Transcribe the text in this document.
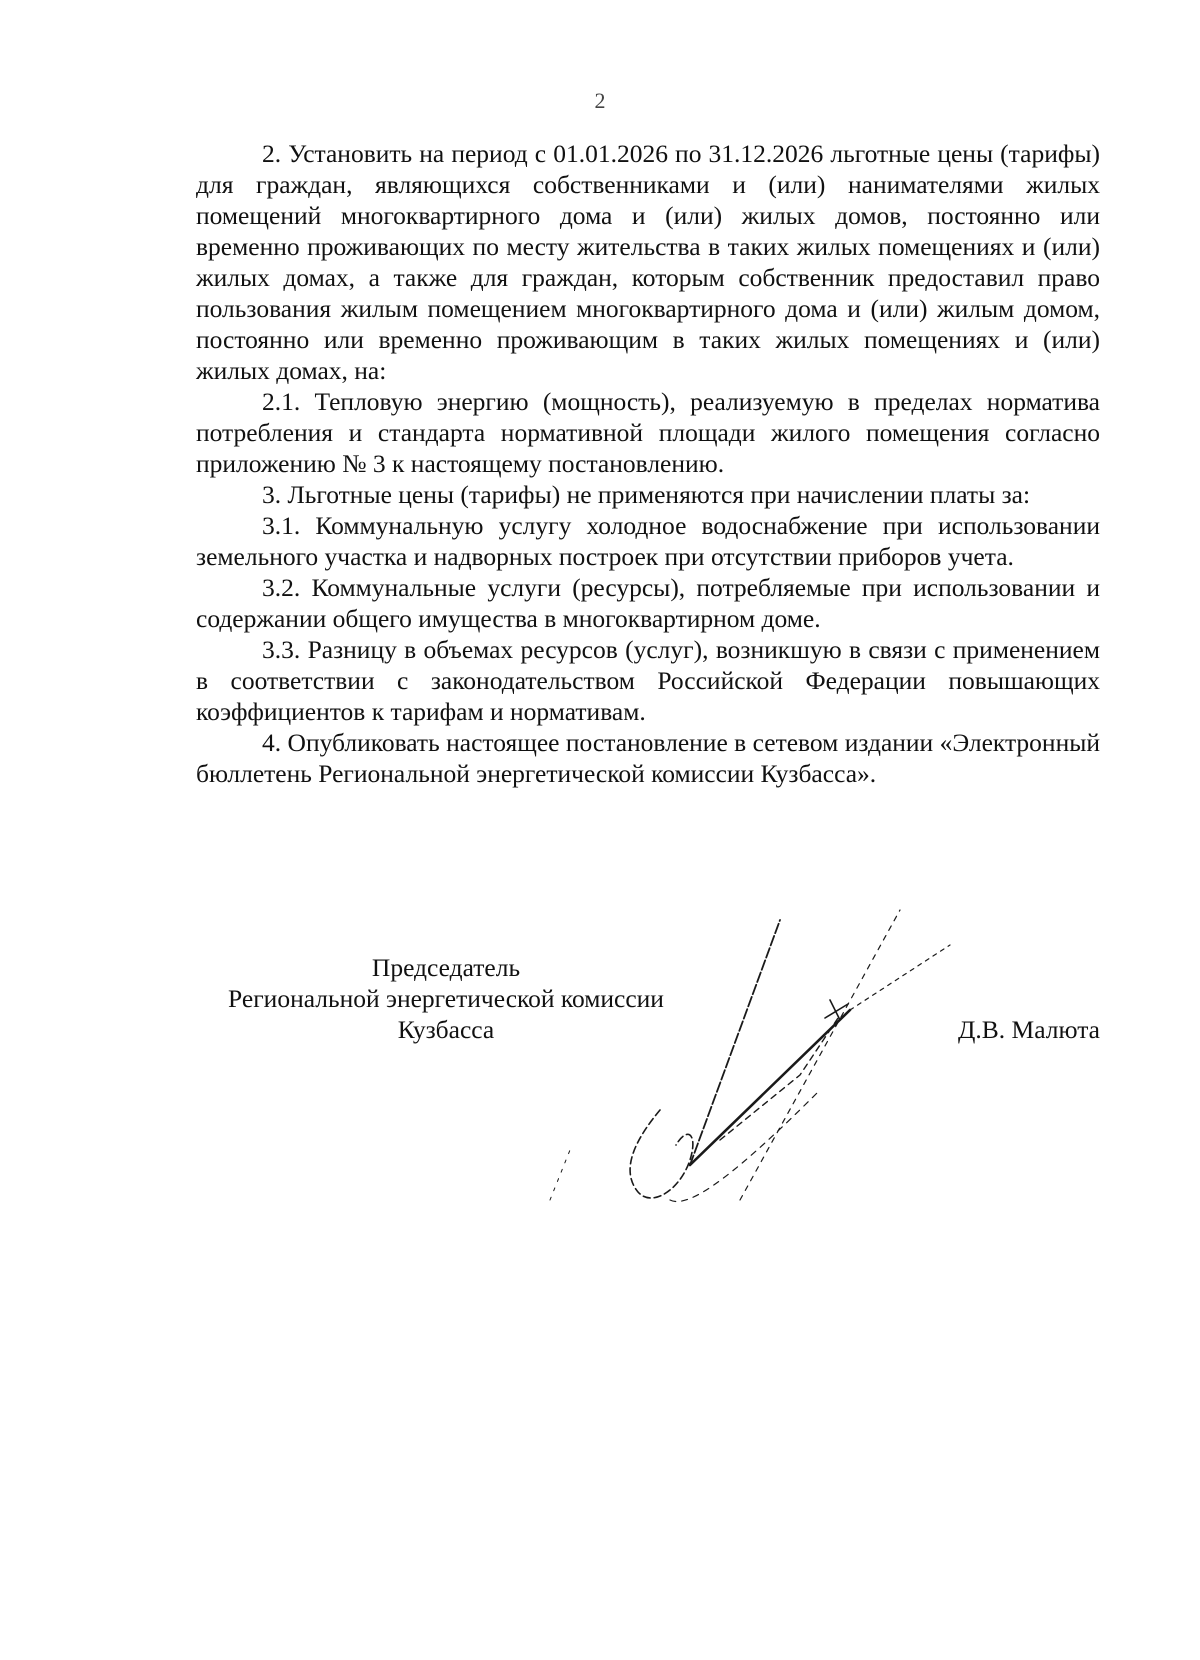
2

2. Установить на период с 01.01.2026 по 31.12.2026 льготные цены (тарифы) для граждан, являющихся собственниками и (или) нанимателями жилых помещений многоквартирного дома и (или) жилых домов, постоянно или временно проживающих по месту жительства в таких жилых помещениях и (или) жилых домах, а также для граждан, которым собственник предоставил право пользования жилым помещением многоквартирного дома и (или) жилым домом, постоянно или временно проживающим в таких жилых помещениях и (или) жилых домах, на:

2.1. Тепловую энергию (мощность), реализуемую в пределах норматива потребления и стандарта нормативной площади жилого помещения согласно приложению № 3 к настоящему постановлению.

3. Льготные цены (тарифы) не применяются при начислении платы за:

3.1. Коммунальную услугу холодное водоснабжение при использовании земельного участка и надворных построек при отсутствии приборов учета.

3.2. Коммунальные услуги (ресурсы), потребляемые при использовании и содержании общего имущества в многоквартирном доме.

3.3. Разницу в объемах ресурсов (услуг), возникшую в связи с применением в соответствии с законодательством Российской Федерации повышающих коэффициентов к тарифам и нормативам.

4. Опубликовать настоящее постановление в сетевом издании «Электронный бюллетень Региональной энергетической комиссии Кузбасса».

Председатель
Региональной энергетической комиссии
Кузбасса	Д.В. Малюта
